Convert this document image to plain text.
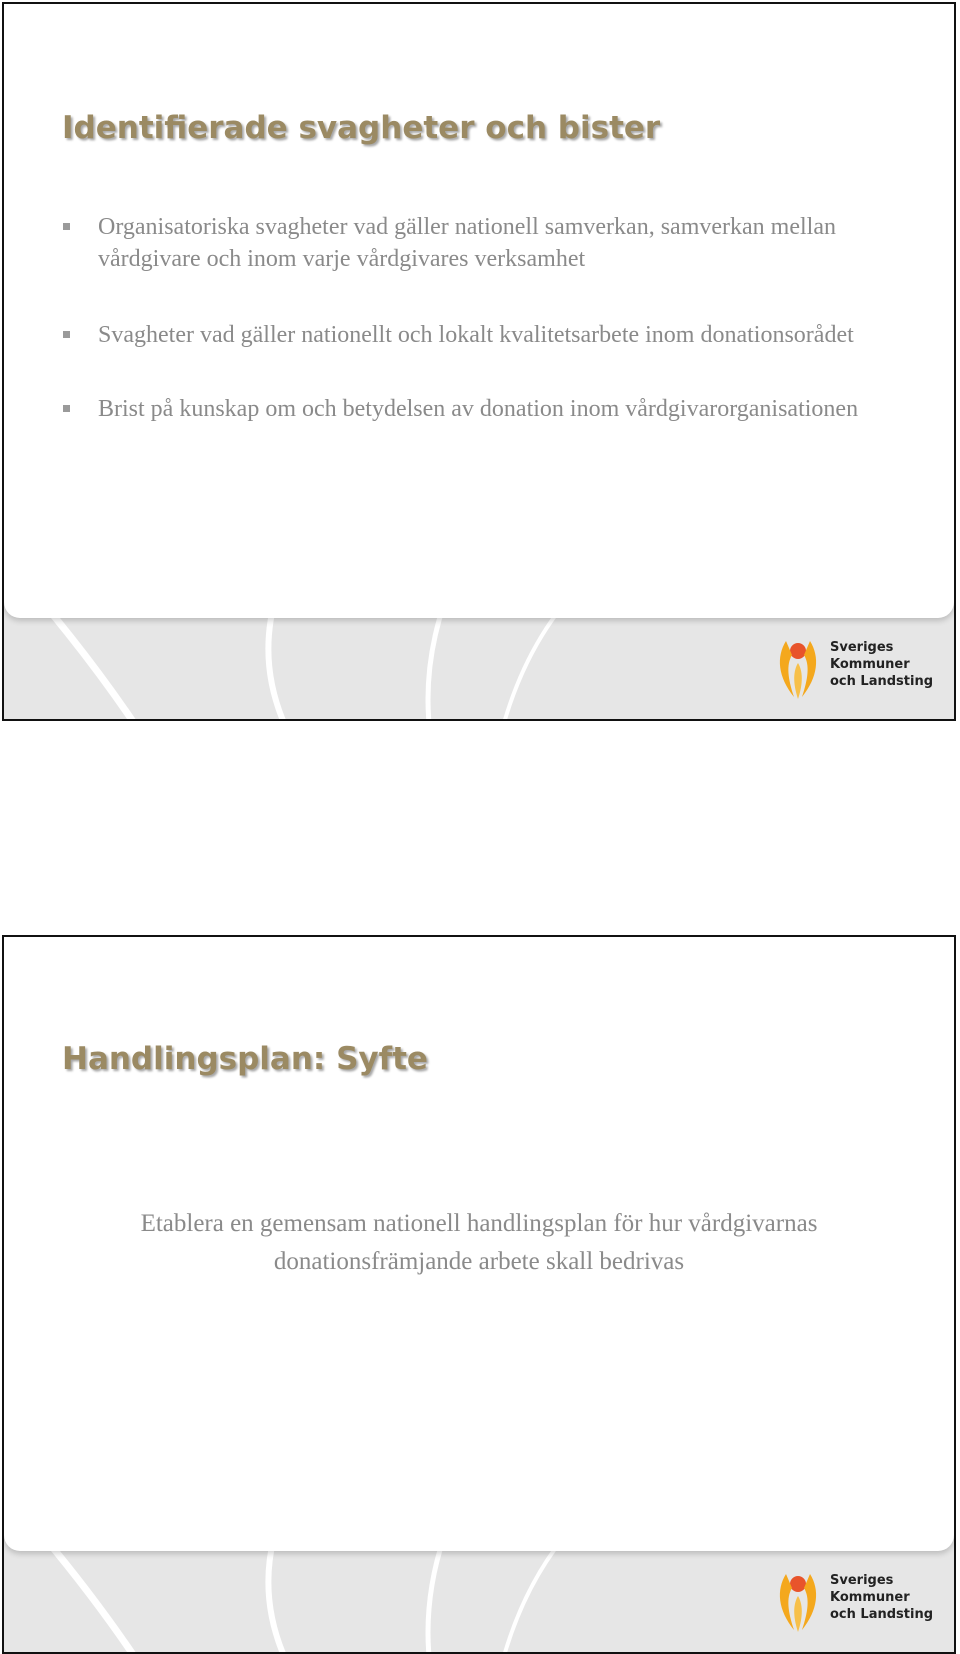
Identifierade svagheter och bister
Organisatoriska svagheter vad gäller nationell samverkan, samverkan mellan vårdgivare och inom varje vårdgivares verksamhet
Svagheter vad gäller nationellt och lokalt kvalitetsarbete inom donationsorådet
Brist på kunskap om och betydelsen av donation inom vårdgivarorganisationen
Sveriges
Kommuner
och Landsting
Handlingsplan: Syfte

Etablera en gemensam nationell handlingsplan för hur vårdgivarnas donationsfrämjande arbete skall bedrivas

Sveriges
Kommuner
och Landsting
